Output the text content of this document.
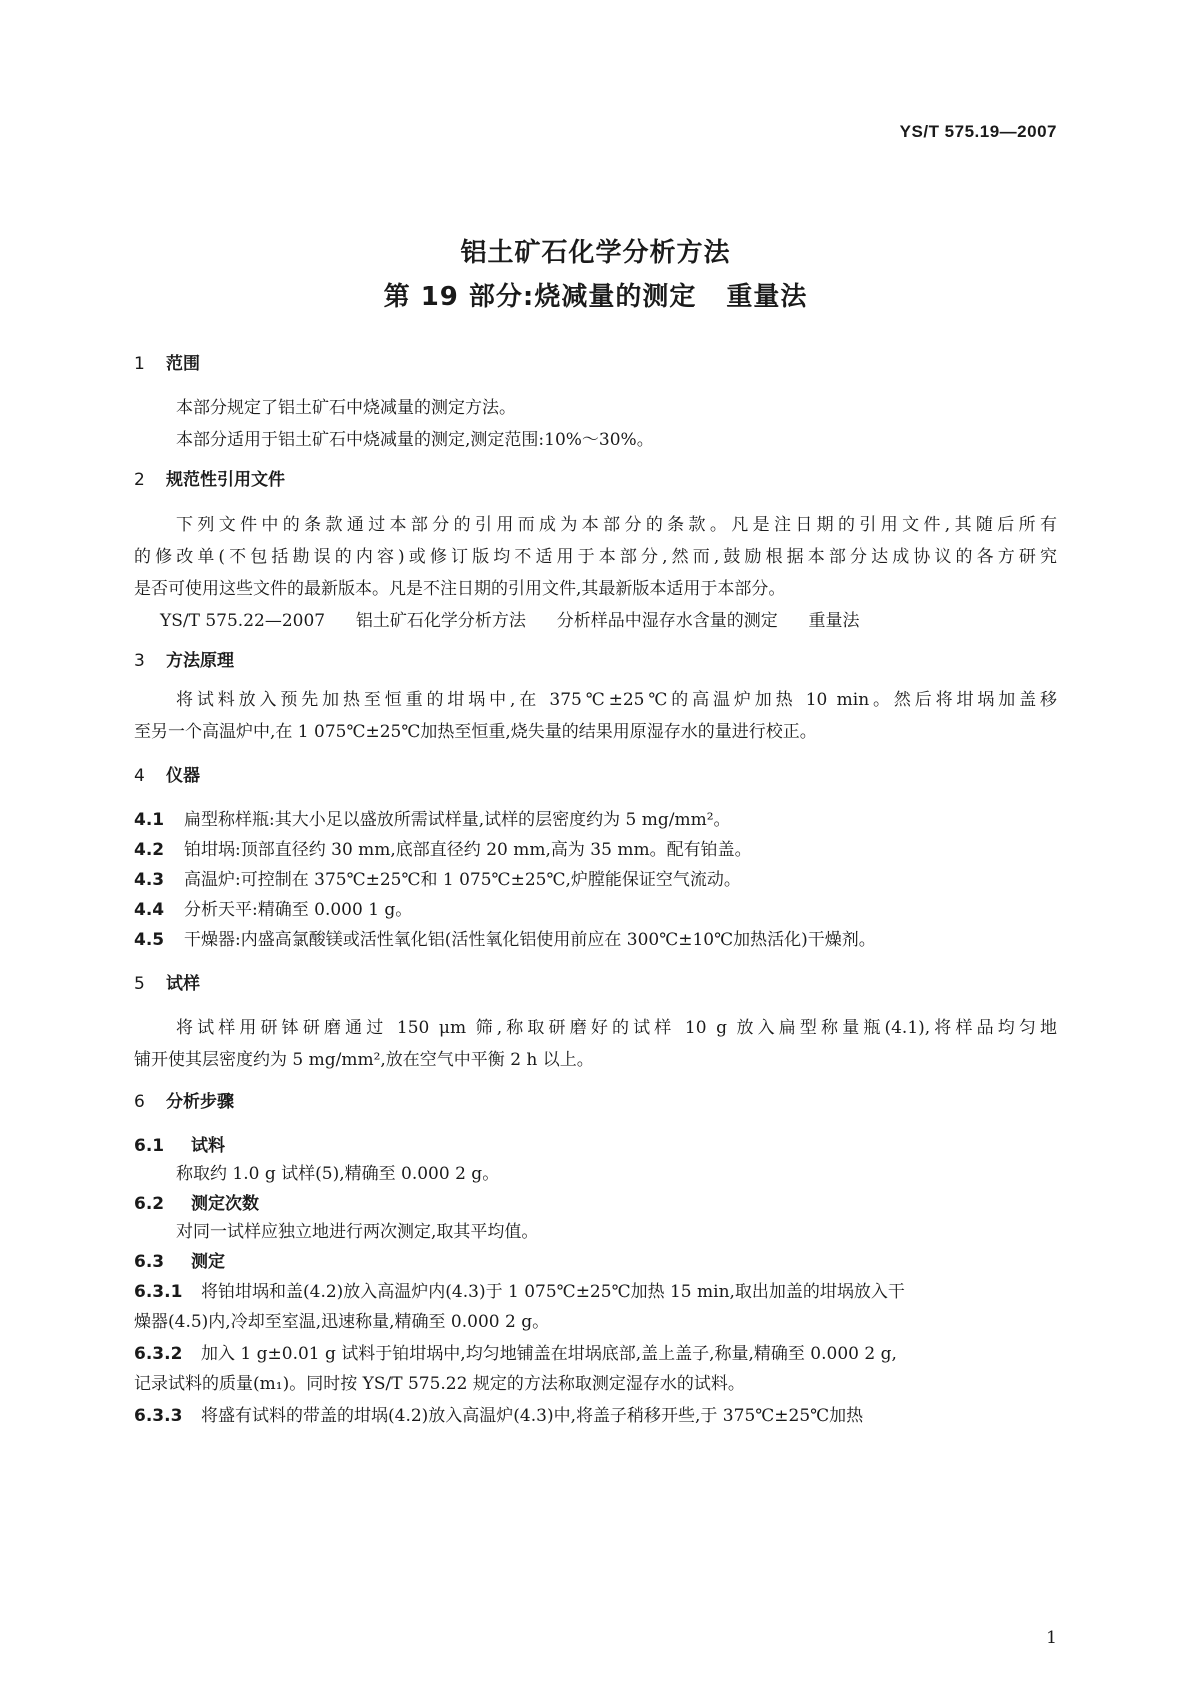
YS/T 575.19—2007
铝土矿石化学分析方法
第 19 部分:烧减量的测定 重量法
1 范围
本部分规定了铝土矿石中烧减量的测定方法。
本部分适用于铝土矿石中烧减量的测定,测定范围:10%～30%。
2 规范性引用文件
下列文件中的条款通过本部分的引用而成为本部分的条款。凡是注日期的引用文件,其随后所有
的修改单(不包括勘误的内容)或修订版均不适用于本部分,然而,鼓励根据本部分达成协议的各方研究
是否可使用这些文件的最新版本。凡是不注日期的引用文件,其最新版本适用于本部分。
YS/T 575.22—2007 铝土矿石化学分析方法 分析样品中湿存水含量的测定 重量法
3 方法原理
将试料放入预先加热至恒重的坩埚中,在 375℃±25℃的高温炉加热 10 min。然后将坩埚加盖移
至另一个高温炉中,在 1 075℃±25℃加热至恒重,烧失量的结果用原湿存水的量进行校正。
4 仪器
4.1 扁型称样瓶:其大小足以盛放所需试样量,试样的层密度约为 5 mg/mm²。
4.2 铂坩埚:顶部直径约 30 mm,底部直径约 20 mm,高为 35 mm。配有铂盖。
4.3 高温炉:可控制在 375℃±25℃和 1 075℃±25℃,炉膛能保证空气流动。
4.4 分析天平:精确至 0.000 1 g。
4.5 干燥器:内盛高氯酸镁或活性氧化铝(活性氧化铝使用前应在 300℃±10℃加热活化)干燥剂。
5 试样
将试样用研钵研磨通过 150 μm 筛,称取研磨好的试样 10 g 放入扁型称量瓶(4.1),将样品均匀地
铺开使其层密度约为 5 mg/mm²,放在空气中平衡 2 h 以上。
6 分析步骤
6.1 试料
称取约 1.0 g 试样(5),精确至 0.000 2 g。
6.2 测定次数
对同一试样应独立地进行两次测定,取其平均值。
6.3 测定
6.3.1 将铂坩埚和盖(4.2)放入高温炉内(4.3)于 1 075℃±25℃加热 15 min,取出加盖的坩埚放入干
燥器(4.5)内,冷却至室温,迅速称量,精确至 0.000 2 g。
6.3.2 加入 1 g±0.01 g 试料于铂坩埚中,均匀地铺盖在坩埚底部,盖上盖子,称量,精确至 0.000 2 g,
记录试料的质量(m₁)。同时按 YS/T 575.22 规定的方法称取测定湿存水的试料。
6.3.3 将盛有试料的带盖的坩埚(4.2)放入高温炉(4.3)中,将盖子稍移开些,于 375℃±25℃加热
1
